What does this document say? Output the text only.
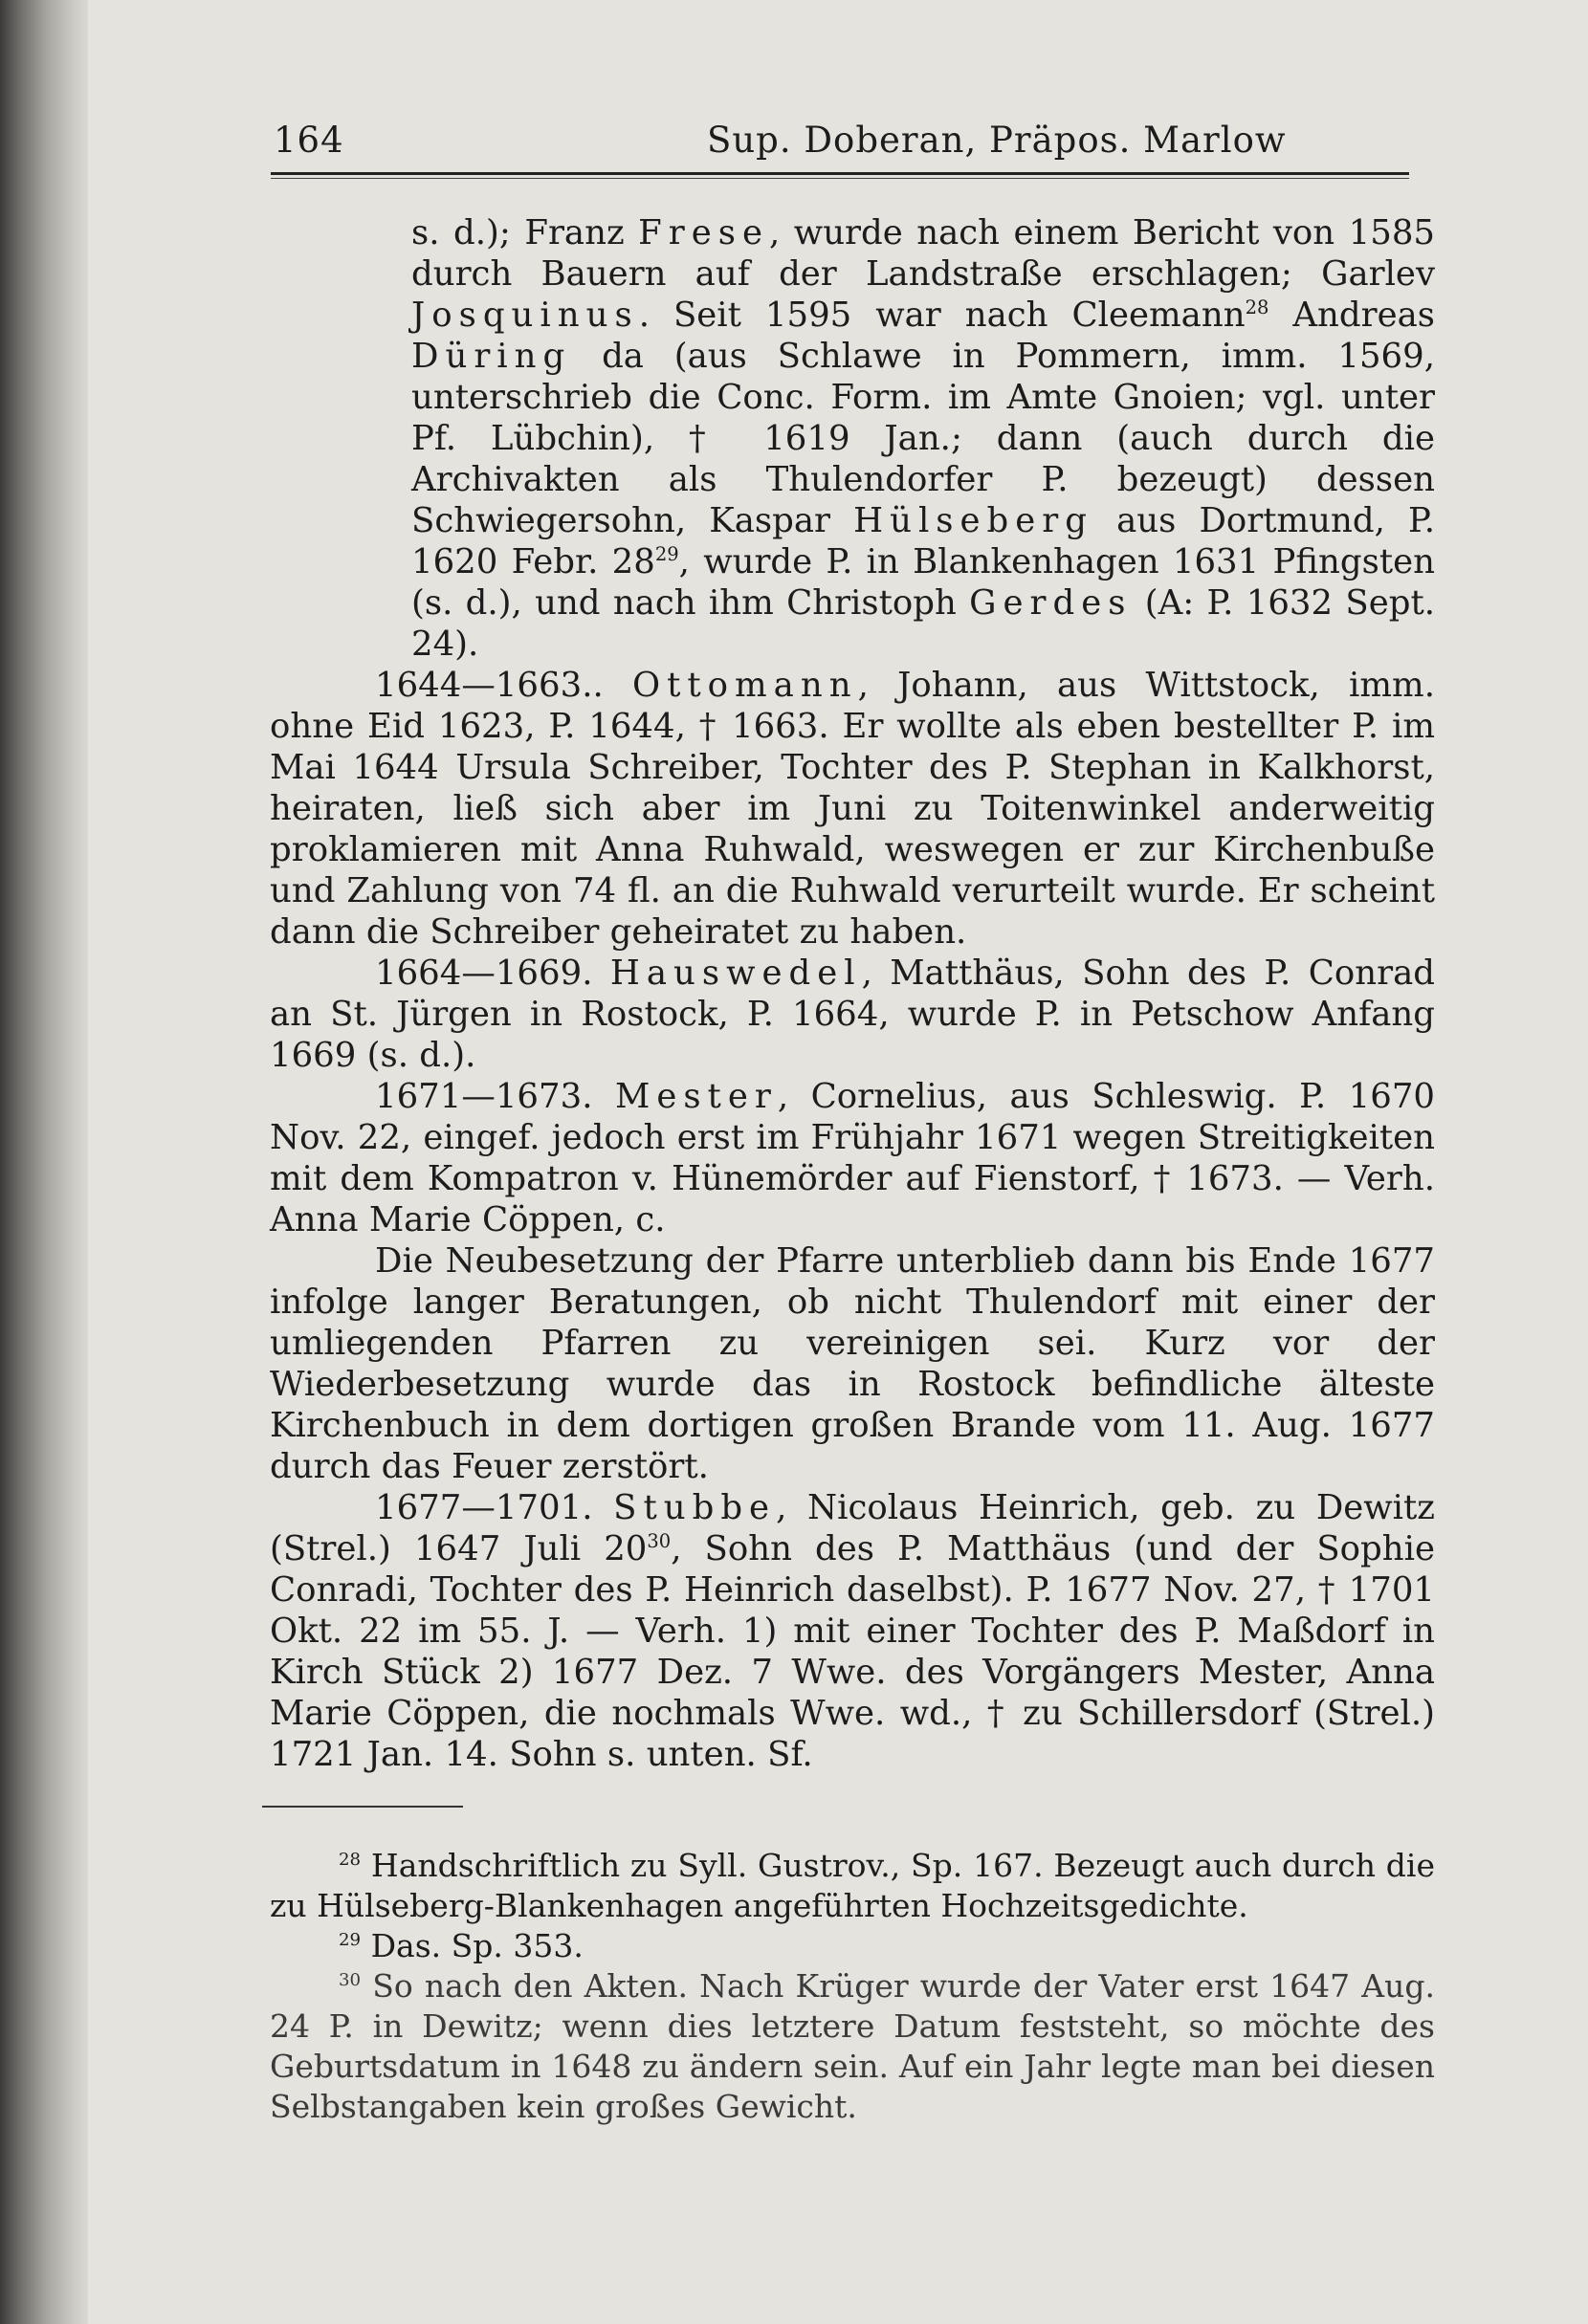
164	Sup. Doberan, Präpos. Marlow

s. d.); Franz Frese, wurde nach einem Bericht von 1585 durch Bauern auf der Landstraße erschlagen; Garlev Josquinus. Seit 1595 war nach Cleemann$^{28}$ Andreas Düring da (aus Schlawe in Pommern, imm. 1569, unterschrieb die Conc. Form. im Amte Gnoien; vgl. unter Pf. Lübchin), † 1619 Jan.; dann (auch durch die Archivakten als Thulendorfer P. bezeugt) dessen Schwiegersohn, Kaspar Hülseberg aus Dortmund, P. 1620 Febr. $28^{29}$, wurde P. in Blankenhagen 1631 Pfingsten (s. d.), und nach ihm Christoph Gerdes (A: P. 1632 Sept. 24).

1644—1663.. Ottomann, Johann, aus Wittstock, imm. ohne Eid 1623, P. 1644, † 1663. Er wollte als eben bestellter P. im Mai 1644 Ursula Schreiber, Tochter des P. Stephan in Kalkhorst, heiraten, ließ sich aber im Juni zu Toitenwinkel anderweitig proklamieren mit Anna Ruhwald, weswegen er zur Kirchenbuße und Zahlung von 74 fl. an die Ruhwald verurteilt wurde. Er scheint dann die Schreiber geheiratet zu haben.

1664—1669. Hauswedel, Matthäus, Sohn des P. Conrad an St. Jürgen in Rostock, P. 1664, wurde P. in Petschow Anfang 1669 (s. d.).

1671—1673. Mester, Cornelius, aus Schleswig. P. 1670 Nov. 22, eingef. jedoch erst im Frühjahr 1671 wegen Streitigkeiten mit dem Kompatron v. Hünemörder auf Fienstorf, † 1673. — Verh. Anna Marie Cöppen, c.

Die Neubesetzung der Pfarre unterblieb dann bis Ende 1677 infolge langer Beratungen, ob nicht Thulendorf mit einer der umliegenden Pfarren zu vereinigen sei. Kurz vor der Wiederbesetzung wurde das in Rostock befindliche älteste Kirchenbuch in dem dortigen großen Brande vom 11. Aug. 1677 durch das Feuer zerstört.

1677—1701. Stubbe, Nicolaus Heinrich, geb. zu Dewitz (Strel.) 1647 Juli $20^{30}$, Sohn des P. Matthäus (und der Sophie Conradi, Tochter des P. Heinrich daselbst). P. 1677 Nov. 27, † 1701 Okt. 22 im 55. J. — Verh. 1) mit einer Tochter des P. Maßdorf in Kirch Stück 2) 1677 Dez. 7 Wwe. des Vorgängers Mester, Anna Marie Cöppen, die nochmals Wwe. wd., † zu Schillersdorf (Strel.) 1721 Jan. 14. Sohn s. unten. Sf.

$^{28}$ Handschriftlich zu Syll. Gustrov., Sp. 167. Bezeugt auch durch die zu Hülseberg-Blankenhagen angeführten Hochzeitsgedichte.

$^{29}$ Das. Sp. 353.

$^{30}$ So nach den Akten. Nach Krüger wurde der Vater erst 1647 Aug. 24 P. in Dewitz; wenn dies letztere Datum feststeht, so möchte des Geburtsdatum in 1648 zu ändern sein. Auf ein Jahr legte man bei diesen Selbstangaben kein großes Gewicht.
